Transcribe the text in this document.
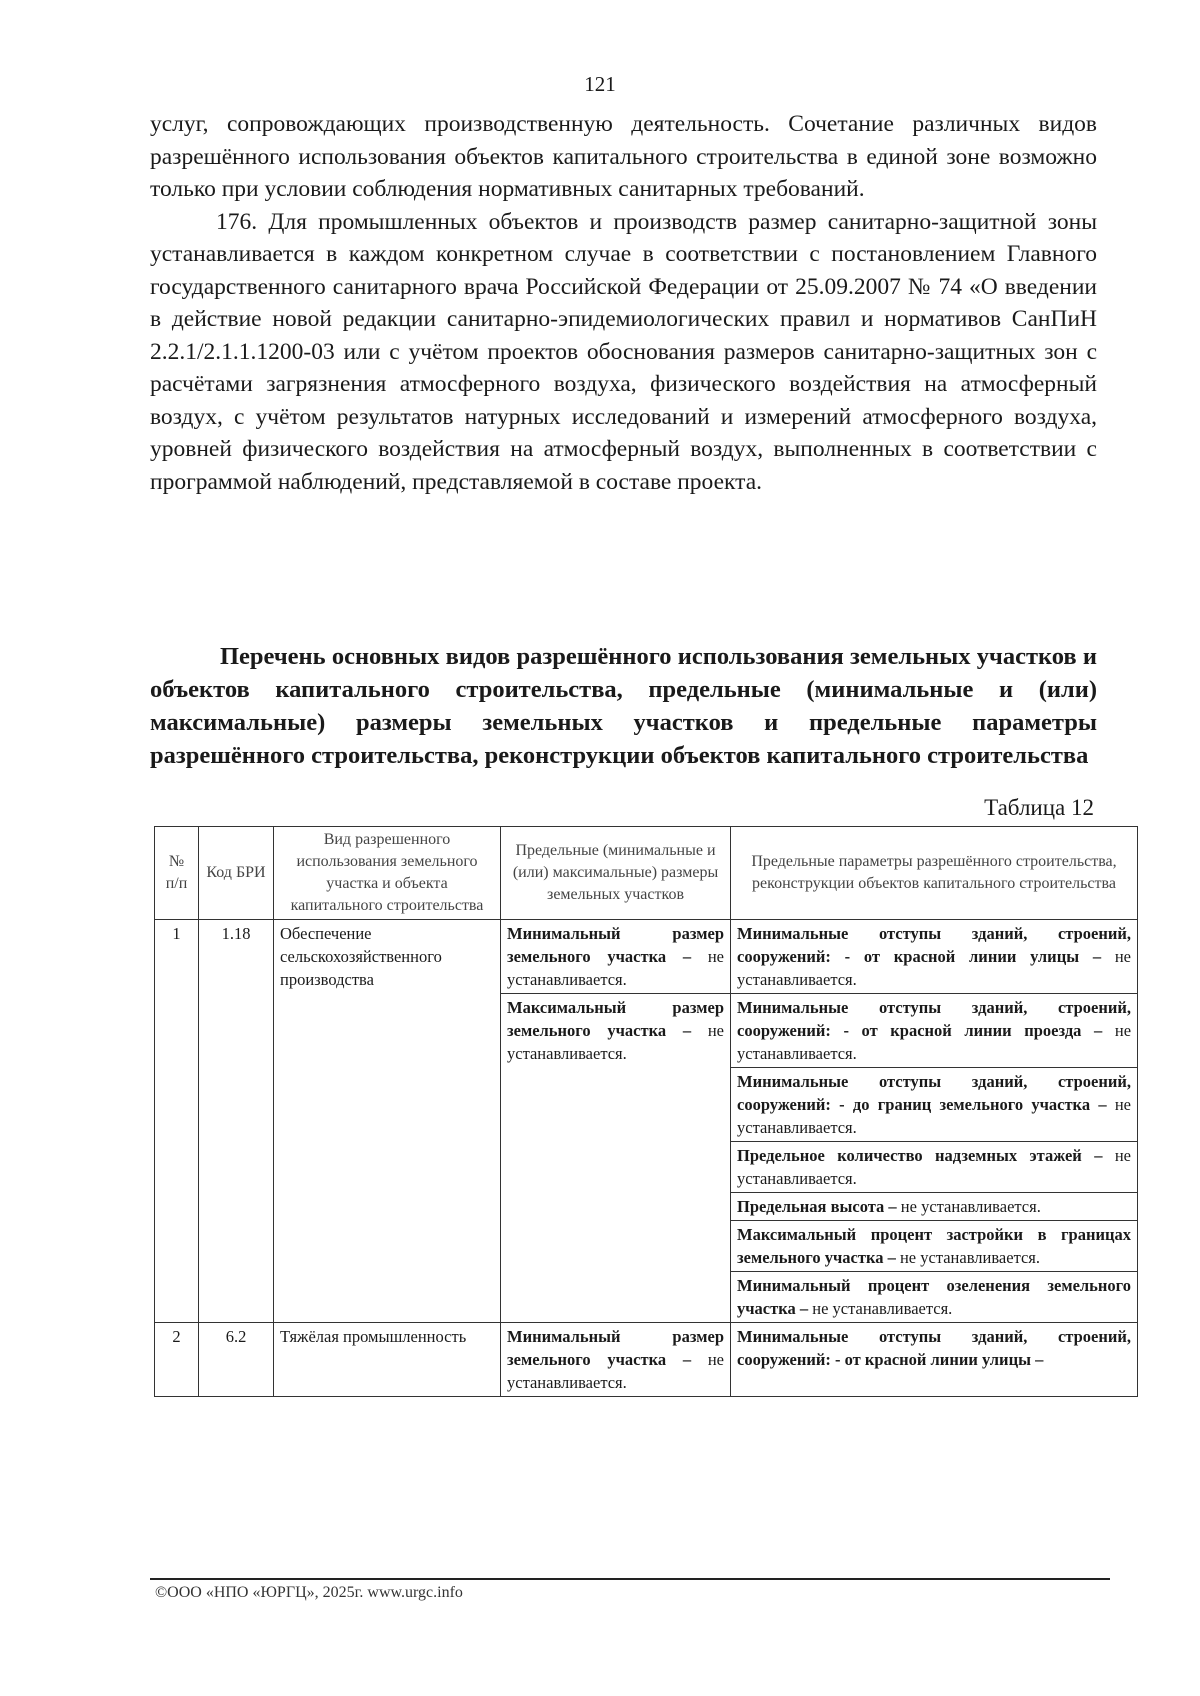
121

услуг, сопровождающих производственную деятельность. Сочетание различных видов разрешённого использования объектов капитального строительства в единой зоне возможно только при условии соблюдения нормативных санитарных требований.

176. Для промышленных объектов и производств размер санитарно-защитной зоны устанавливается в каждом конкретном случае в соответствии с постановлением Главного государственного санитарного врача Российской Федерации от 25.09.2007 № 74 «О введении в действие новой редакции санитарно-эпидемиологических правил и нормативов СанПиН 2.2.1/2.1.1.1200-03 или с учётом проектов обоснования размеров санитарно-защитных зон с расчётами загрязнения атмосферного воздуха, физического воздействия на атмосферный воздух, с учётом результатов натурных исследований и измерений атмосферного воздуха, уровней физического воздействия на атмосферный воздух, выполненных в соответствии с программой наблюдений, представляемой в составе проекта.

Перечень основных видов разрешённого использования земельных участков и объектов капитального строительства, предельные (минимальные и (или) максимальные) размеры земельных участков и предельные параметры разрешённого строительства, реконструкции объектов капитального строительства
Таблица 12
№ п/п	Код БРИ	Вид разрешенного использования земельного участка и объекта капитального строительства	Предельные (минимальные и (или) максимальные) размеры земельных участков	Предельные параметры разрешённого строительства, реконструкции объектов капитального строительства
1	1.18	Обеспечение сельскохозяйственного производства	Минимальный размер земельного участка – не устанавливается.	Минимальные отступы зданий, строений, сооружений: - от красной линии улицы – не устанавливается.
			Максимальный размер земельного участка – не устанавливается.	Минимальные отступы зданий, строений, сооружений: - от красной линии проезда – не устанавливается.
				Минимальные отступы зданий, строений, сооружений: - до границ земельного участка – не устанавливается.
				Предельное количество надземных этажей – не устанавливается.
				Предельная высота – не устанавливается.
				Максимальный процент застройки в границах земельного участка – не устанавливается.
				Минимальный процент озеленения земельного участка – не устанавливается.
2	6.2	Тяжёлая промышленность	Минимальный размер земельного участка – не устанавливается.	Минимальные отступы зданий, строений, сооружений: - от красной линии улицы –
©ООО «НПО «ЮРГЦ», 2025г. www.urgc.info
